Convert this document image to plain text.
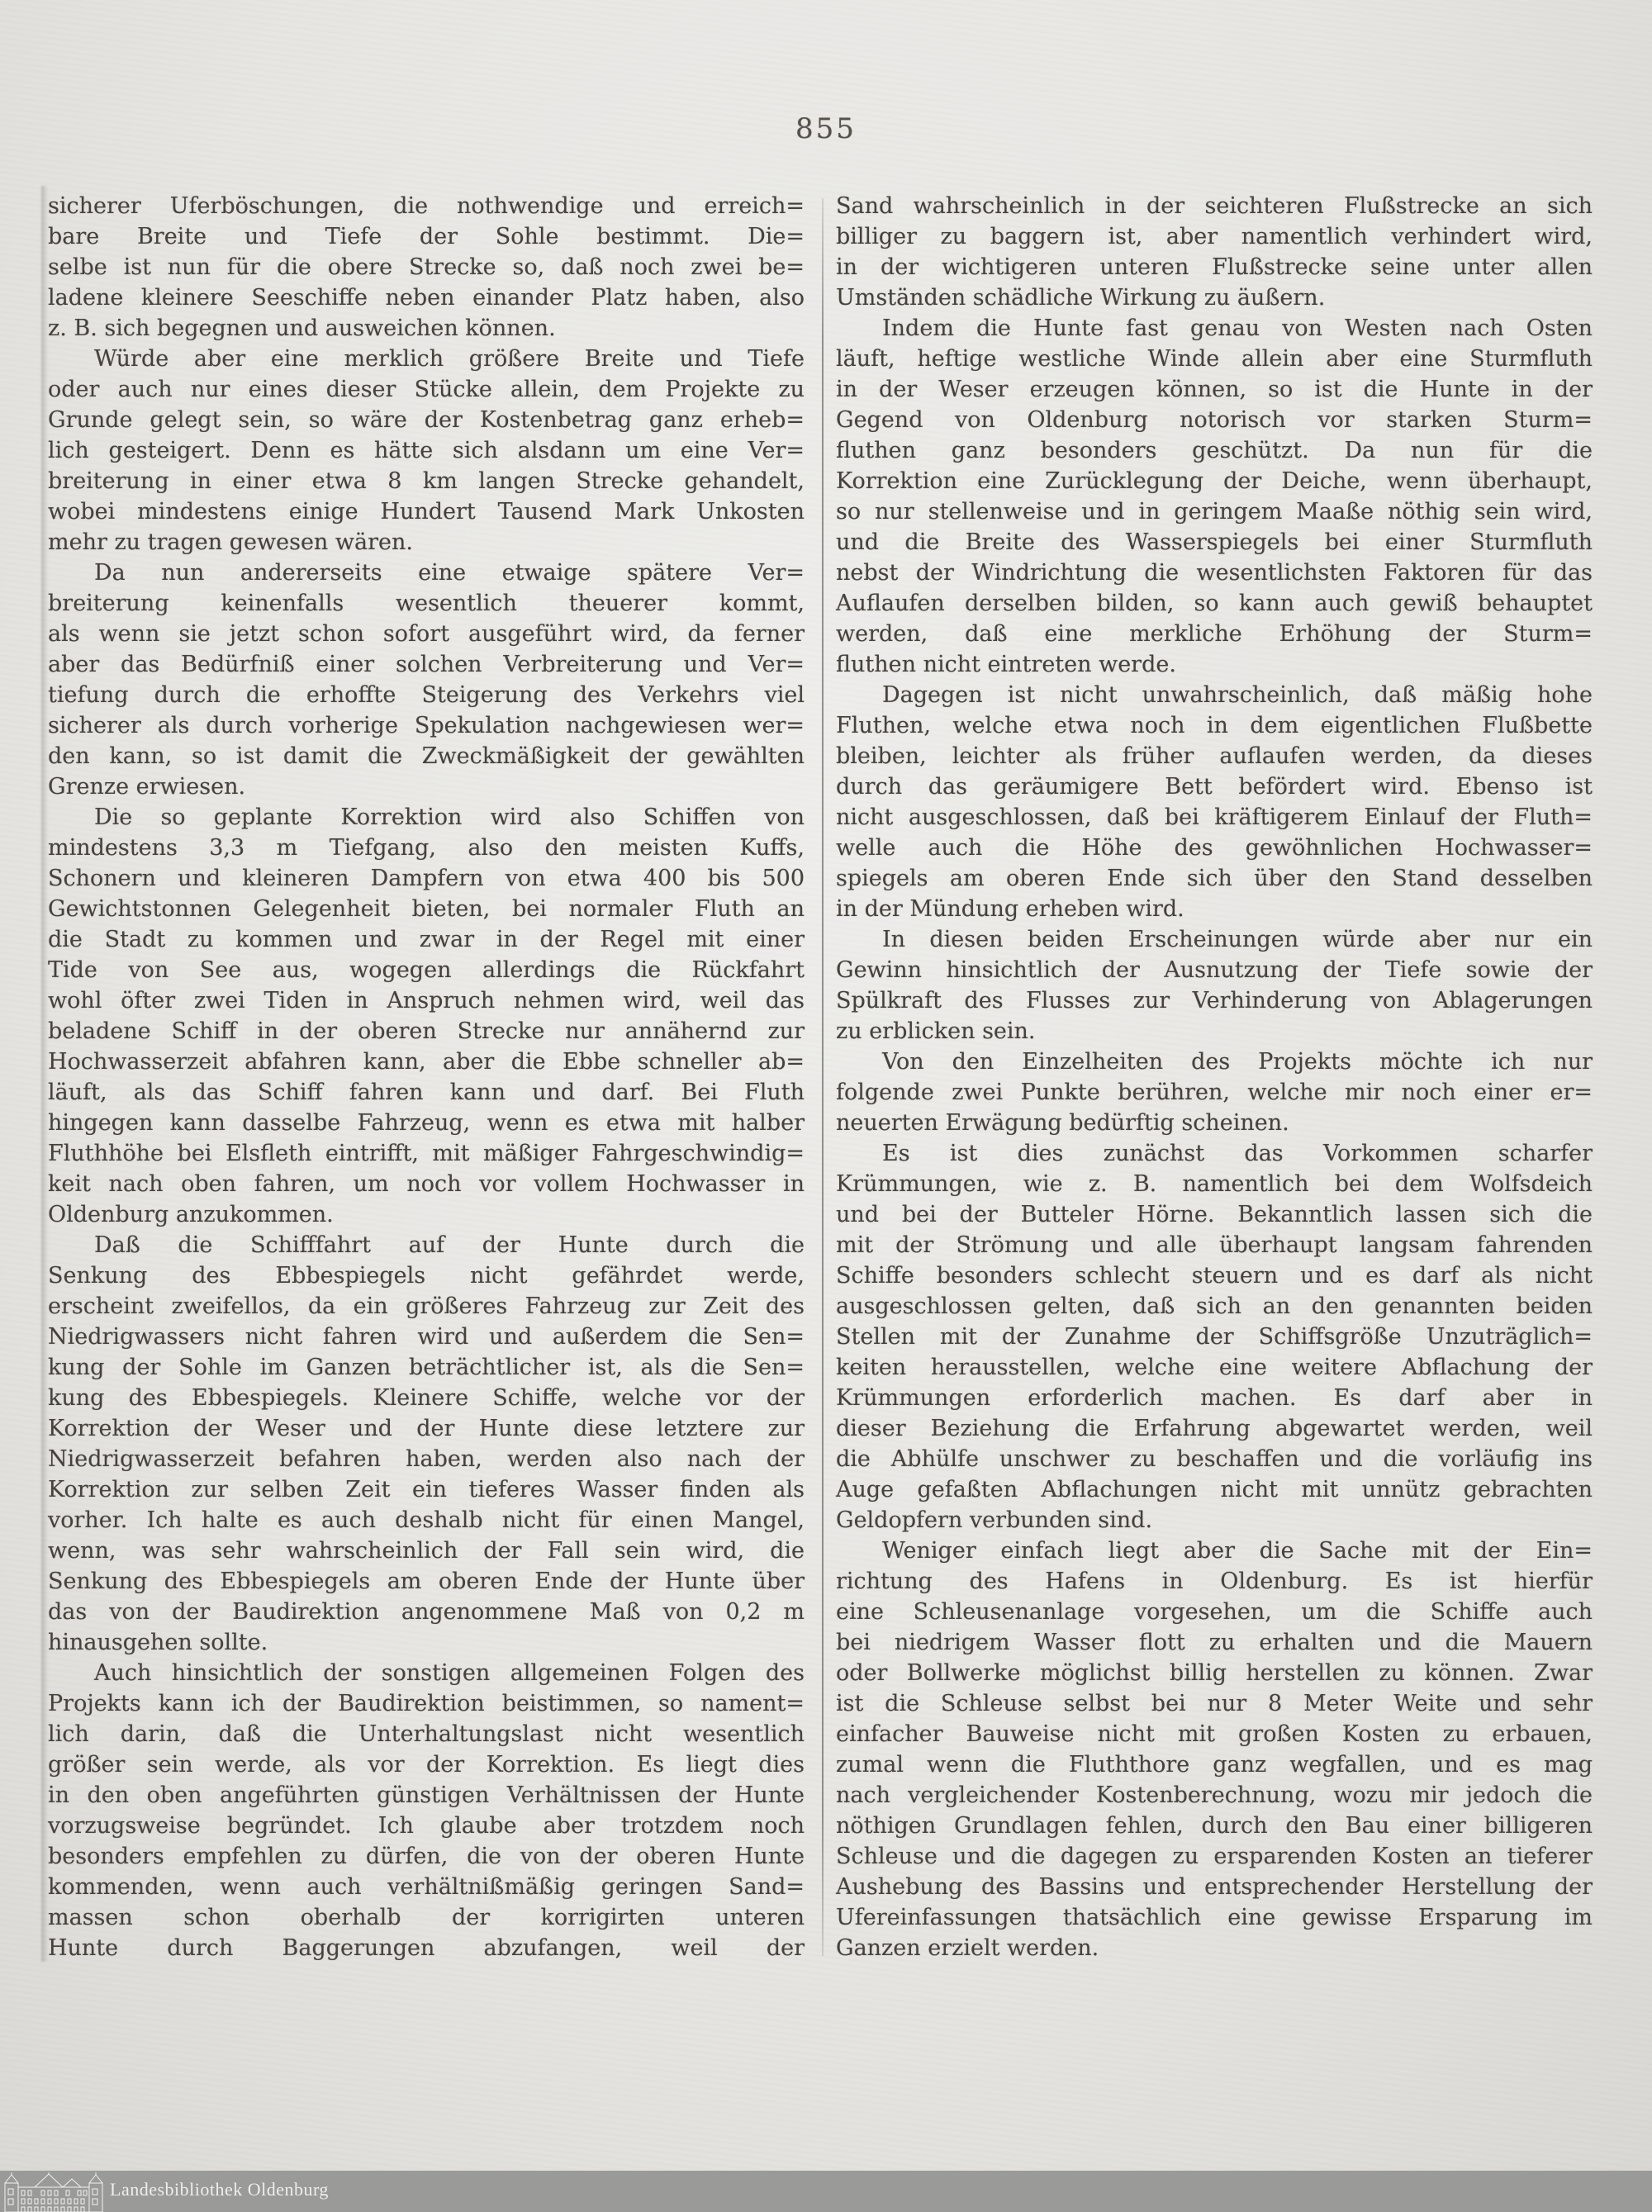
855
sicherer Uferböschungen, die nothwendige und erreich=
bare Breite und Tiefe der Sohle bestimmt. Die=
selbe ist nun für die obere Strecke so, daß noch zwei be=
ladene kleinere Seeschiffe neben einander Platz haben, also
z. B. sich begegnen und ausweichen können.
Würde aber eine merklich größere Breite und Tiefe
oder auch nur eines dieser Stücke allein, dem Projekte zu
Grunde gelegt sein, so wäre der Kostenbetrag ganz erheb=
lich gesteigert. Denn es hätte sich alsdann um eine Ver=
breiterung in einer etwa 8 km langen Strecke gehandelt,
wobei mindestens einige Hundert Tausend Mark Unkosten
mehr zu tragen gewesen wären.
Da nun andererseits eine etwaige spätere Ver=
breiterung keinenfalls wesentlich theuerer kommt,
als wenn sie jetzt schon sofort ausgeführt wird, da ferner
aber das Bedürfniß einer solchen Verbreiterung und Ver=
tiefung durch die erhoffte Steigerung des Verkehrs viel
sicherer als durch vorherige Spekulation nachgewiesen wer=
den kann, so ist damit die Zweckmäßigkeit der gewählten
Grenze erwiesen.
Die so geplante Korrektion wird also Schiffen von
mindestens 3,3 m Tiefgang, also den meisten Kuffs,
Schonern und kleineren Dampfern von etwa 400 bis 500
Gewichtstonnen Gelegenheit bieten, bei normaler Fluth an
die Stadt zu kommen und zwar in der Regel mit einer
Tide von See aus, wogegen allerdings die Rückfahrt
wohl öfter zwei Tiden in Anspruch nehmen wird, weil das
beladene Schiff in der oberen Strecke nur annähernd zur
Hochwasserzeit abfahren kann, aber die Ebbe schneller ab=
läuft, als das Schiff fahren kann und darf. Bei Fluth
hingegen kann dasselbe Fahrzeug, wenn es etwa mit halber
Fluthhöhe bei Elsfleth eintrifft, mit mäßiger Fahrgeschwindig=
keit nach oben fahren, um noch vor vollem Hochwasser in
Oldenburg anzukommen.
Daß die Schifffahrt auf der Hunte durch die
Senkung des Ebbespiegels nicht gefährdet werde,
erscheint zweifellos, da ein größeres Fahrzeug zur Zeit des
Niedrigwassers nicht fahren wird und außerdem die Sen=
kung der Sohle im Ganzen beträchtlicher ist, als die Sen=
kung des Ebbespiegels. Kleinere Schiffe, welche vor der
Korrektion der Weser und der Hunte diese letztere zur
Niedrigwasserzeit befahren haben, werden also nach der
Korrektion zur selben Zeit ein tieferes Wasser finden als
vorher. Ich halte es auch deshalb nicht für einen Mangel,
wenn, was sehr wahrscheinlich der Fall sein wird, die
Senkung des Ebbespiegels am oberen Ende der Hunte über
das von der Baudirektion angenommene Maß von 0,2 m
hinausgehen sollte.
Auch hinsichtlich der sonstigen allgemeinen Folgen des
Projekts kann ich der Baudirektion beistimmen, so nament=
lich darin, daß die Unterhaltungslast nicht wesentlich
größer sein werde, als vor der Korrektion. Es liegt dies
in den oben angeführten günstigen Verhältnissen der Hunte
vorzugsweise begründet. Ich glaube aber trotzdem noch
besonders empfehlen zu dürfen, die von der oberen Hunte
kommenden, wenn auch verhältnißmäßig geringen Sand=
massen schon oberhalb der korrigirten unteren
Hunte durch Baggerungen abzufangen, weil der
Sand wahrscheinlich in der seichteren Flußstrecke an sich
billiger zu baggern ist, aber namentlich verhindert wird,
in der wichtigeren unteren Flußstrecke seine unter allen
Umständen schädliche Wirkung zu äußern.
Indem die Hunte fast genau von Westen nach Osten
läuft, heftige westliche Winde allein aber eine Sturmfluth
in der Weser erzeugen können, so ist die Hunte in der
Gegend von Oldenburg notorisch vor starken Sturm=
fluthen ganz besonders geschützt. Da nun für die
Korrektion eine Zurücklegung der Deiche, wenn überhaupt,
so nur stellenweise und in geringem Maaße nöthig sein wird,
und die Breite des Wasserspiegels bei einer Sturmfluth
nebst der Windrichtung die wesentlichsten Faktoren für das
Auflaufen derselben bilden, so kann auch gewiß behauptet
werden, daß eine merkliche Erhöhung der Sturm=
fluthen nicht eintreten werde.
Dagegen ist nicht unwahrscheinlich, daß mäßig hohe
Fluthen, welche etwa noch in dem eigentlichen Flußbette
bleiben, leichter als früher auflaufen werden, da dieses
durch das geräumigere Bett befördert wird. Ebenso ist
nicht ausgeschlossen, daß bei kräftigerem Einlauf der Fluth=
welle auch die Höhe des gewöhnlichen Hochwasser=
spiegels am oberen Ende sich über den Stand desselben
in der Mündung erheben wird.
In diesen beiden Erscheinungen würde aber nur ein
Gewinn hinsichtlich der Ausnutzung der Tiefe sowie der
Spülkraft des Flusses zur Verhinderung von Ablagerungen
zu erblicken sein.
Von den Einzelheiten des Projekts möchte ich nur
folgende zwei Punkte berühren, welche mir noch einer er=
neuerten Erwägung bedürftig scheinen.
Es ist dies zunächst das Vorkommen scharfer
Krümmungen, wie z. B. namentlich bei dem Wolfsdeich
und bei der Butteler Hörne. Bekanntlich lassen sich die
mit der Strömung und alle überhaupt langsam fahrenden
Schiffe besonders schlecht steuern und es darf als nicht
ausgeschlossen gelten, daß sich an den genannten beiden
Stellen mit der Zunahme der Schiffsgröße Unzuträglich=
keiten herausstellen, welche eine weitere Abflachung der
Krümmungen erforderlich machen. Es darf aber in
dieser Beziehung die Erfahrung abgewartet werden, weil
die Abhülfe unschwer zu beschaffen und die vorläufig ins
Auge gefaßten Abflachungen nicht mit unnütz gebrachten
Geldopfern verbunden sind.
Weniger einfach liegt aber die Sache mit der Ein=
richtung des Hafens in Oldenburg. Es ist hierfür
eine Schleusenanlage vorgesehen, um die Schiffe auch
bei niedrigem Wasser flott zu erhalten und die Mauern
oder Bollwerke möglichst billig herstellen zu können. Zwar
ist die Schleuse selbst bei nur 8 Meter Weite und sehr
einfacher Bauweise nicht mit großen Kosten zu erbauen,
zumal wenn die Fluththore ganz wegfallen, und es mag
nach vergleichender Kostenberechnung, wozu mir jedoch die
nöthigen Grundlagen fehlen, durch den Bau einer billigeren
Schleuse und die dagegen zu ersparenden Kosten an tieferer
Aushebung des Bassins und entsprechender Herstellung der
Ufereinfassungen thatsächlich eine gewisse Ersparung im
Ganzen erzielt werden.
Landesbibliothek Oldenburg
